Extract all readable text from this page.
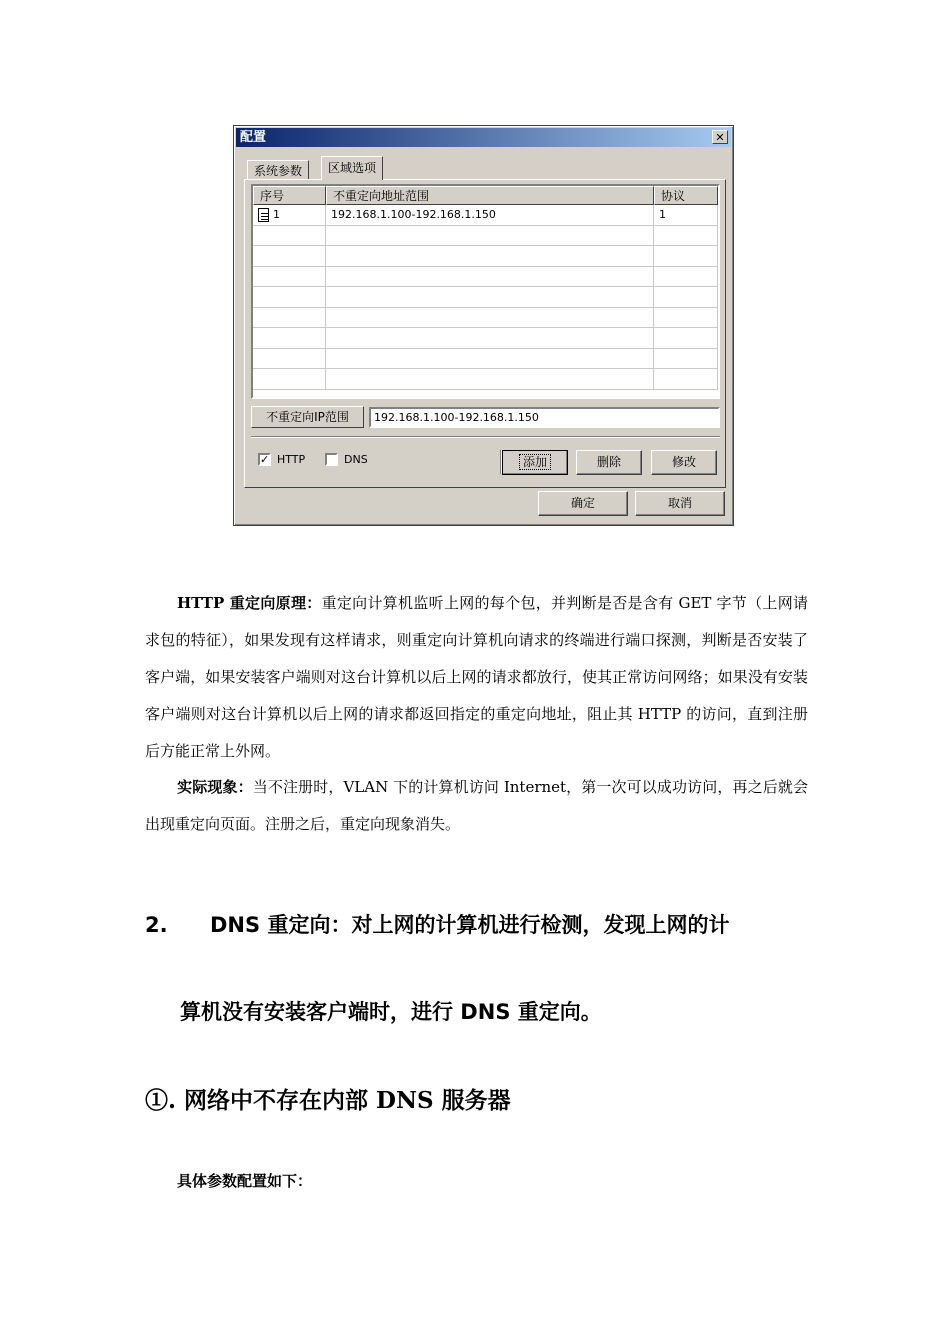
配置	✕
系统参数	区域选项
序号	不重定向地址范围	协议
1	192.168.1.100-192.168.1.150	1
不重定向IP范围	192.168.1.100-192.168.1.150
✓ HTTP	DNS	添加	删除	修改
确定	取消
HTTP 重定向原理：重定向计算机监听上网的每个包，并判断是否是含有 GET 字节（上网请求包的特征），如果发现有这样请求，则重定向计算机向请求的终端进行端口探测，判断是否安装了客户端，如果安装客户端则对这台计算机以后上网的请求都放行，使其正常访问网络；如果没有安装客户端则对这台计算机以后上网的请求都返回指定的重定向地址，阻止其 HTTP 的访问，直到注册后方能正常上外网。
实际现象：当不注册时，VLAN 下的计算机访问 Internet，第一次可以成功访问，再之后就会出现重定向页面。注册之后，重定向现象消失。
2. DNS 重定向：对上网的计算机进行检测，发现上网的计
算机没有安装客户端时，进行 DNS 重定向。
①. 网络中不存在内部 DNS 服务器
具体参数配置如下：
